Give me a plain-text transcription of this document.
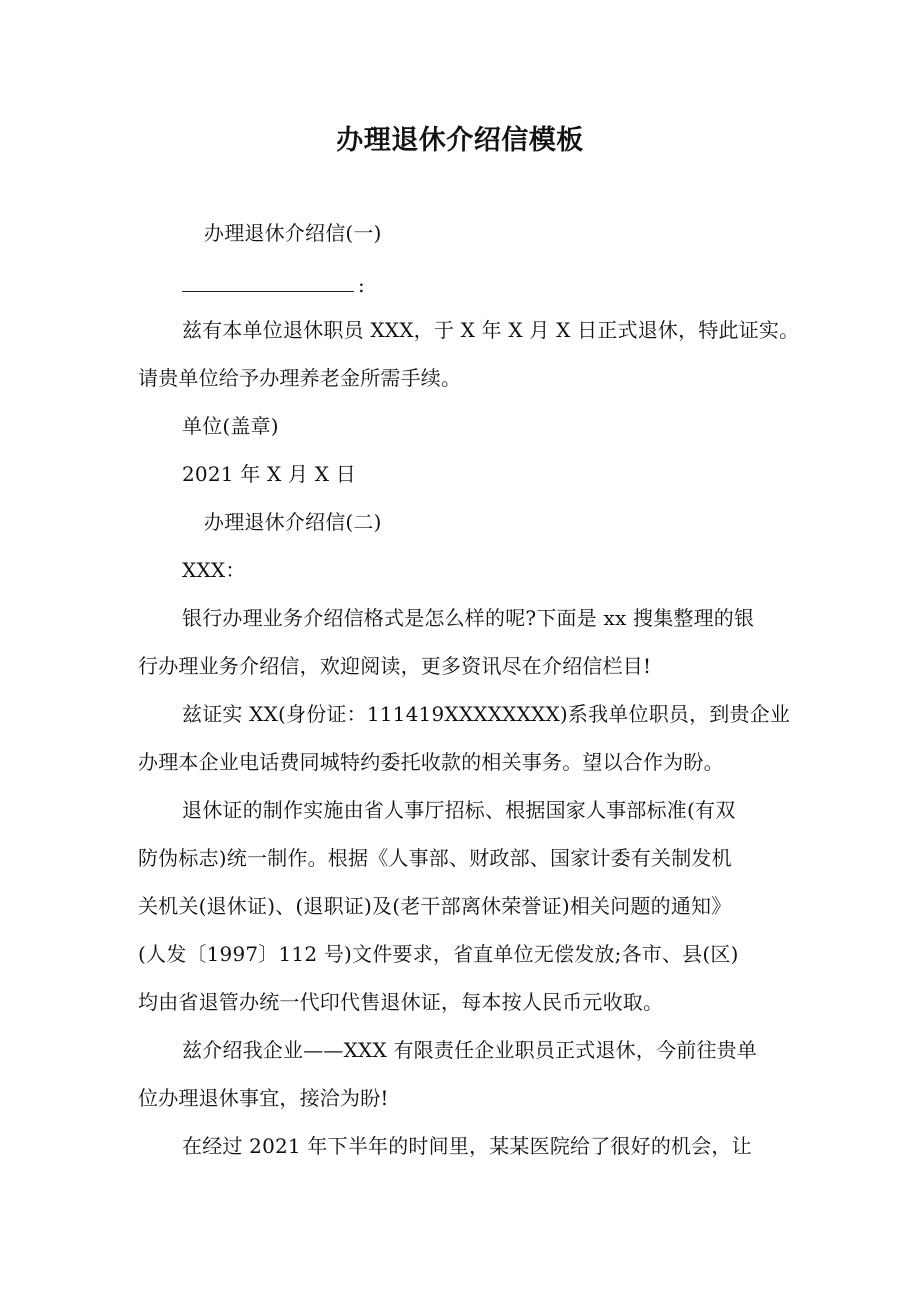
办理退休介绍信模板
办理退休介绍信(一)
:
兹有本单位退休职员 XXX，于 X 年 X 月 X 日正式退休，特此证实。
请贵单位给予办理养老金所需手续。
单位(盖章)
2021 年 X 月 X 日
办理退休介绍信(二)
XXX：
银行办理业务介绍信格式是怎么样的呢?下面是 xx 搜集整理的银
行办理业务介绍信，欢迎阅读，更多资讯尽在介绍信栏目!
兹证实 XX(身份证：111419XXXXXXXX)系我单位职员，到贵企业
办理本企业电话费同城特约委托收款的相关事务。望以合作为盼。
退休证的制作实施由省人事厅招标、根据国家人事部标准(有双
防伪标志)统一制作。根据《人事部、财政部、国家计委有关制发机
关机关(退休证)、(退职证)及(老干部离休荣誉证)相关问题的通知》
(人发〔1997〕112 号)文件要求，省直单位无偿发放;各市、县(区)
均由省退管办统一代印代售退休证，每本按人民币元收取。
兹介绍我企业——XXX 有限责任企业职员正式退休，今前往贵单
位办理退休事宜，接洽为盼!
在经过 2021 年下半年的时间里，某某医院给了很好的机会，让
